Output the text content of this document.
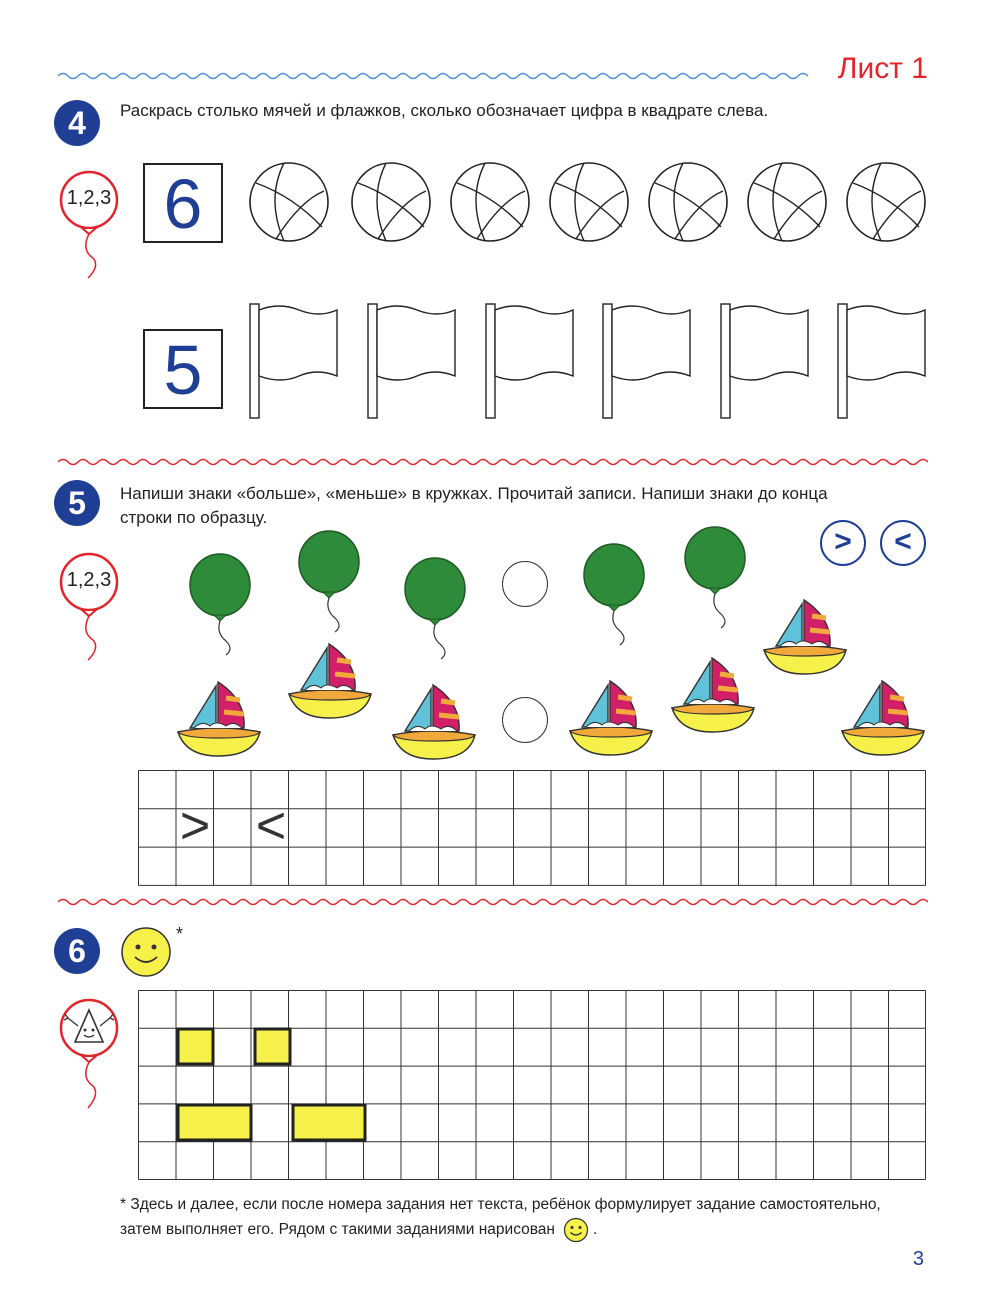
Лист 1
4	Раскрась столько мячей и флажков, сколько обозначает цифра в квадрате слева.
1,2,3 6
5
5	Напиши знаки «больше», «меньше» в кружках. Прочитай записи. Напиши знаки до конца
строки по образцу.
1,2,3
>	<
> <
6	*
* Здесь и далее, если после номера задания нет текста, ребёнок формулирует задание самостоятельно,
затем выполняет его. Рядом с такими заданиями нарисован .
3
